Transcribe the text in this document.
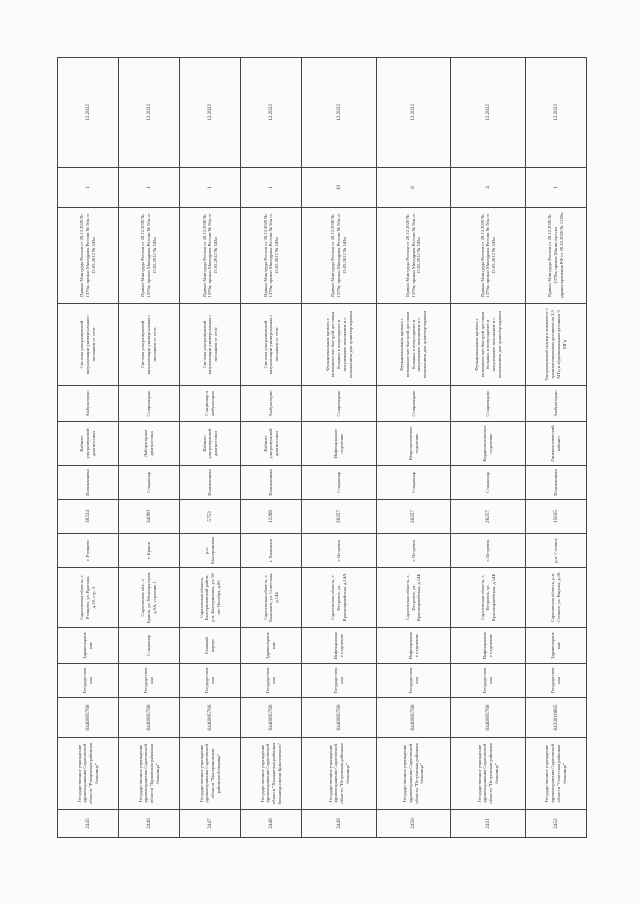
2445	Государственное учреждение здравоохранения Саратовской области "Ртищевская районная больница"	6446005766	Государственная	Здравоохранение	Саратовская область, г. Ртищево, ул. Красная, д.10, стр. 3	г. Ртищево	38224	Поликлиника	Кабинет ультразвуковой диагностики	Амбулаторно	Система ультразвуковой визуализации универсальная с питанием от сети	Приказ Минтруда России от 28.12.2020 № 1379н; приказ Минздрава России № 56н от 15.05.2012 № 543н	1	12.2022
2446	Государственное учреждение здравоохранения Саратовской области "Ершовская районная больница"	6446005766	Государственная	Стационар	Саратовская обл., г. Ершов, ул. Мелиораторов, д.5А, строение 1	г. Ершов	34000	Стационар	Лабораторная диагностика	Стационарно	Система ультразвуковой визуализации универсальная с питанием от сети	Приказ Минтруда России от 28.12.2020 № 1379н; приказ Минздрава России № 56н от 15.05.2012 № 543н	1	12.2022
2447	Государственное учреждение здравоохранения Саратовской области "Екатериновская районная больница"	6446005766	Государственная	Главный корпус	Саратовская область, Екатериновский район, р.п. Екатериновка, ул. 50 лет Октября, д.85	р.п. Екатериновка	5753	Поликлиника	Кабинет ультразвуковой диагностики	Стационар и амбулаторно	Система ультразвуковой визуализации универсальная с питанием от сети	Приказ Минтруда России от 28.12.2020 № 1379н; приказ Минздрава России № 56н от 15.05.2012 № 543н	1	12.2022
2448	Государственное учреждение здравоохранения Саратовской области "Хвалынская районная больница имени Бржозовского"	6446005766	Государственная	Здравоохранение	Саратовская область, г. Хвалынск, ул. Советская, д.144	г. Хвалынск	12288	Поликлиника	Кабинет ультразвуковой диагностики	Амбулаторно	Система ультразвуковой визуализации универсальная с питанием от сети	Приказ Минтруда России от 28.12.2020 № 1379н; приказ Минздрава России № 56н от 15.05.2012 № 543н	1	12.2022
2449	Государственное учреждение здравоохранения Саратовской области "Петровская районная больница"	6446005766	Государственная	Инфекционное отделение	Саратовская область, г. Петровск, ул. Красноармейская, д.14А	г. Петровск	28257	Стационар	Инфекционное отделение	Стационарно	Функциональная кровать с возможностью быстрой доставки больных в полусидячее и полулежачее положение и с положением для транспортировки	Приказ Минтруда России от 28.12.2020 № 1379н; приказ Минздрава России № 56н от 15.05.2012 № 543н	10	12.2022
2450	Государственное учреждение здравоохранения Саратовской области "Петровская районная больница"	6446005766	Государственная	Инфекционное отделение	Саратовская область, г. Петровск, ул. Красноармейская, д.14Б	г. Петровск	28257	Стационар	Неврологическое отделение	Стационарно	Функциональная кровать с возможностью быстрой доставки больных в полусидячее и полулежачее положение и с положением для транспортировки	Приказ Минтруда России от 28.12.2020 № 1379н; приказ Минздрава России № 56н от 15.05.2012 № 543н	6	12.2022
2451	Государственное учреждение здравоохранения Саратовской области "Петровская районная больница"	6446005766	Государственная	Инфекционное отделение	Саратовская область, г. Петровск, ул. Красноармейская, д.14Б	г. Петровск	28257	Стационар	Кардиологическое отделение	Стационарно	Функциональная кровать с возможностью быстрой доставки больных в полусидячее и полулежачее положение и с положением для транспортировки	Приказ Минтруда России от 28.12.2020 № 1379н; приказ Минздрава России № 56н от 15.05.2012 № 543н	4	12.2022
2452	Государственное учреждение здравоохранения Саратовской области "Советская районная больница"	6433016665	Государственная	Здравоохранение	Саратовская область, р.п. Степное, ул. Кирова, д.18	р.п. Степное	15635	Поликлиника	Гинекологический кабинет	Амбулаторно	Ультразвуковой сканер в комплекте с трансвагинальным датчиком на 3,5 МГц и абдоминальным датчиком 5 МГц	Приказ Минтруда России от 28.12.2020 № 1379н; приказ Министерства здравоохранения РФ от 20.10.2020 № 1130н	1	12.2022
